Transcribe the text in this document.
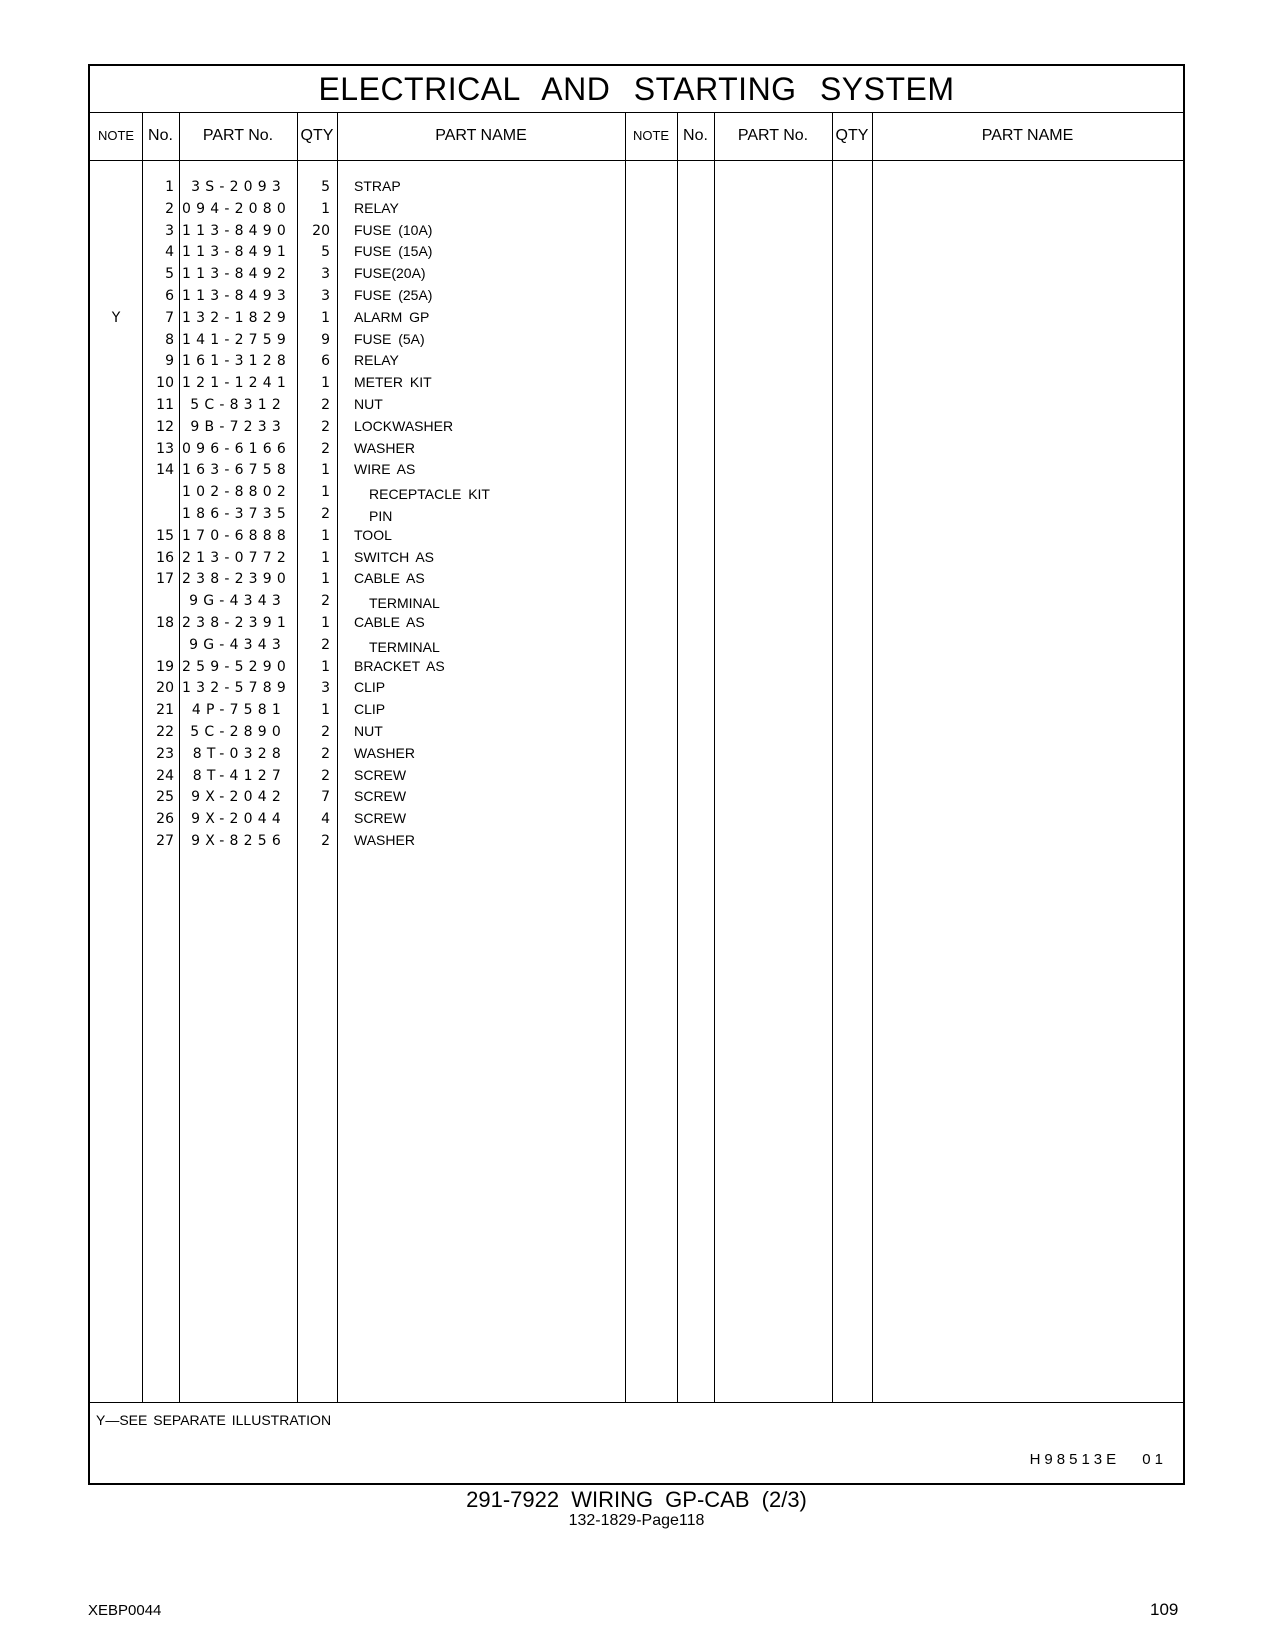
ELECTRICAL AND STARTING SYSTEM
NOTE No.	PART No.	QTY	PART NAME	NOTE No.	PART No.	QTY	PART NAME
1	3S-2093	5 STRAP
2 094-2080	1 RELAY
3 113-8490	20 FUSE (10A)
4 113-8491	5 FUSE (15A)
5 113-8492	3 FUSE(20A)
6 113-8493	3 FUSE (25A)
Y	7 132-1829	1 ALARM GP
8 141-2759	9 FUSE (5A)
9 161-3128	6 RELAY
10 121-1241	1 METER KIT
11	5C-8312	2 NUT
12	9B-7233	2 LOCKWASHER
13 096-6166	2 WASHER
14 163-6758	1 WIRE AS
102-8802	1	RECEPTACLE KIT
186-3735	2	PIN
15 170-6888	1 TOOL
16 213-0772	1 SWITCH AS
17 238-2390	1 CABLE AS
9G-4343	2	TERMINAL
18 238-2391	1 CABLE AS
9G-4343	2	TERMINAL
19 259-5290	1 BRACKET AS
20 132-5789	3 CLIP
21	4P-7581	1 CLIP
22	5C-2890	2 NUT
23	8T-0328	2 WASHER
24	8T-4127	2 SCREW
25	9X-2042	7 SCREW
26	9X-2044	4 SCREW
27	9X-8256	2 WASHER
Y—SEE SEPARATE ILLUSTRATION
H98513E 01
291-7922 WIRING GP-CAB (2/3)
132-1829-Page118
XEBP0044	109
